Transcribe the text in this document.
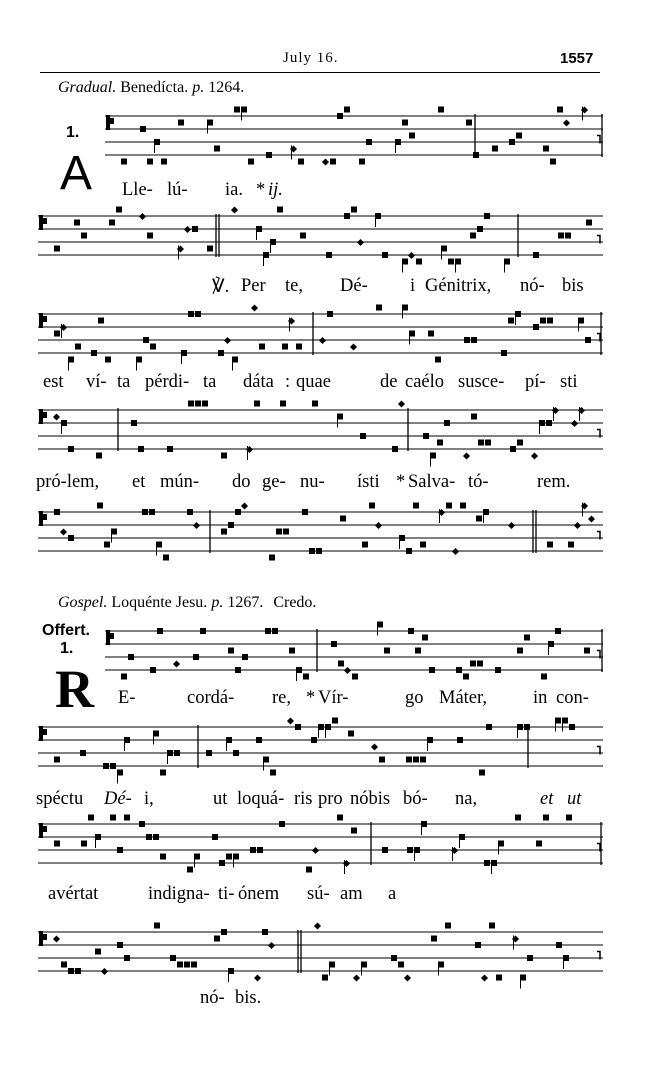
July 16.	1557
Gradual. Benedícta. p. 1264.
1.
A Lle- lú- ia. * ij.
℣. Per te, Dé- i Génitrix, nó- bis
est ví- ta pérdi- ta dáta : quae	de caélo susce- pí- sti
pró-lem, et mún- do ge- nu- ísti * Salva- tó-	rem.
Gospel. Loquénte Jesu. p. 1267. Credo.
Offert.
1.
R E-	cordá- re, * Vír-	go Máter, in con-
spéctu Dé- i,	ut loquá- ris pro nóbis bó- na,	et ut
avértat	indigna- ti- ónem sú- am a
nó- bis.
